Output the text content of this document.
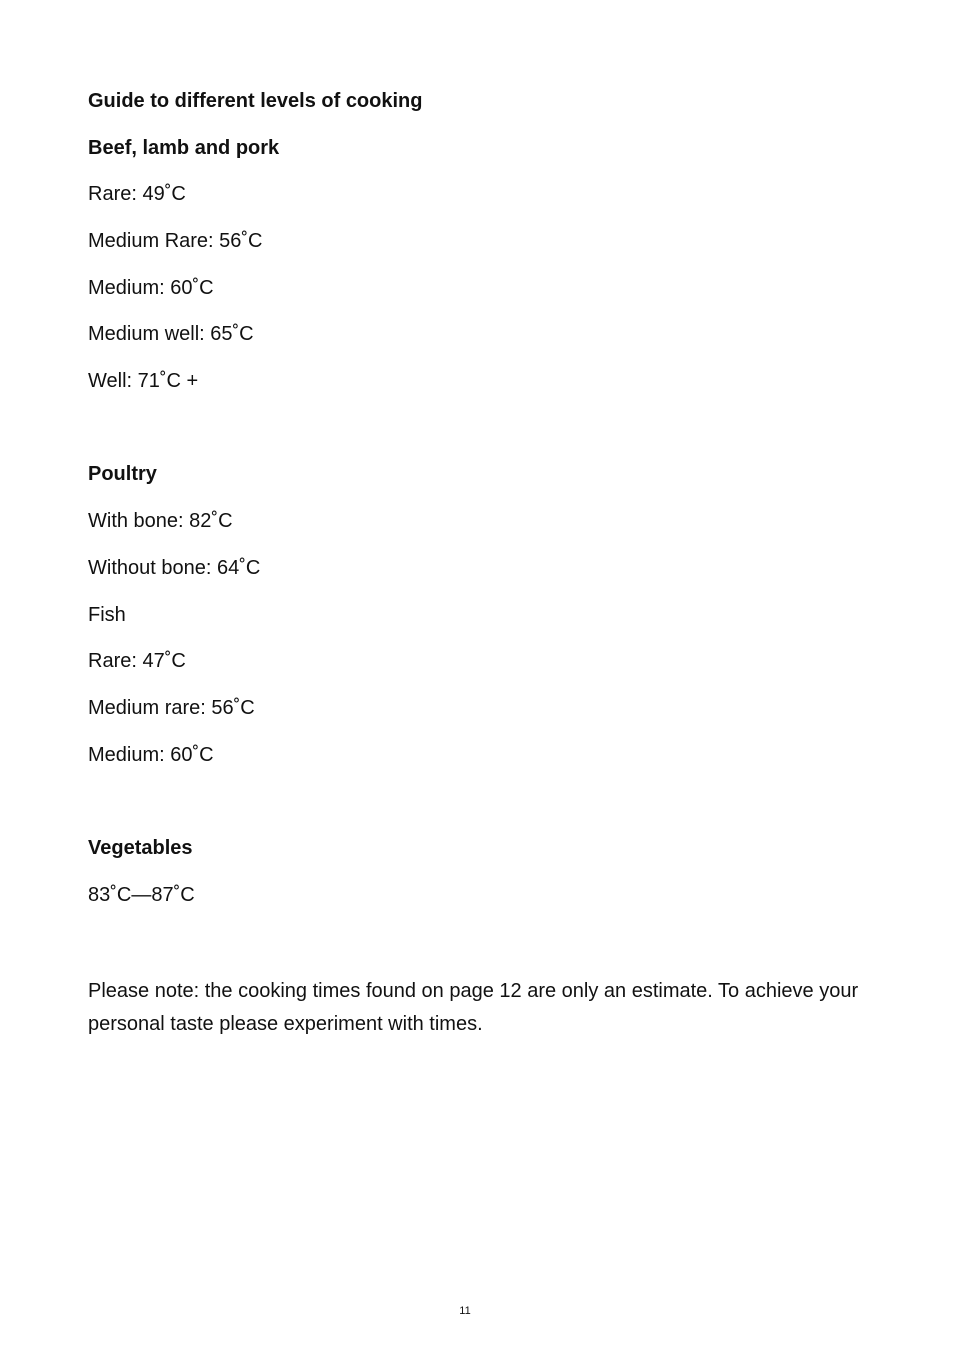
Guide to different levels of cooking
Beef, lamb and pork
Rare: 49˚C
Medium Rare: 56˚C
Medium: 60˚C
Medium well: 65˚C
Well: 71˚C +
Poultry
With bone: 82˚C
Without bone: 64˚C
Fish
Rare: 47˚C
Medium rare: 56˚C
Medium: 60˚C
Vegetables
83˚C—87˚C
Please note: the cooking times found on page 12 are only an estimate. To achieve your personal taste please experiment with times.
11
